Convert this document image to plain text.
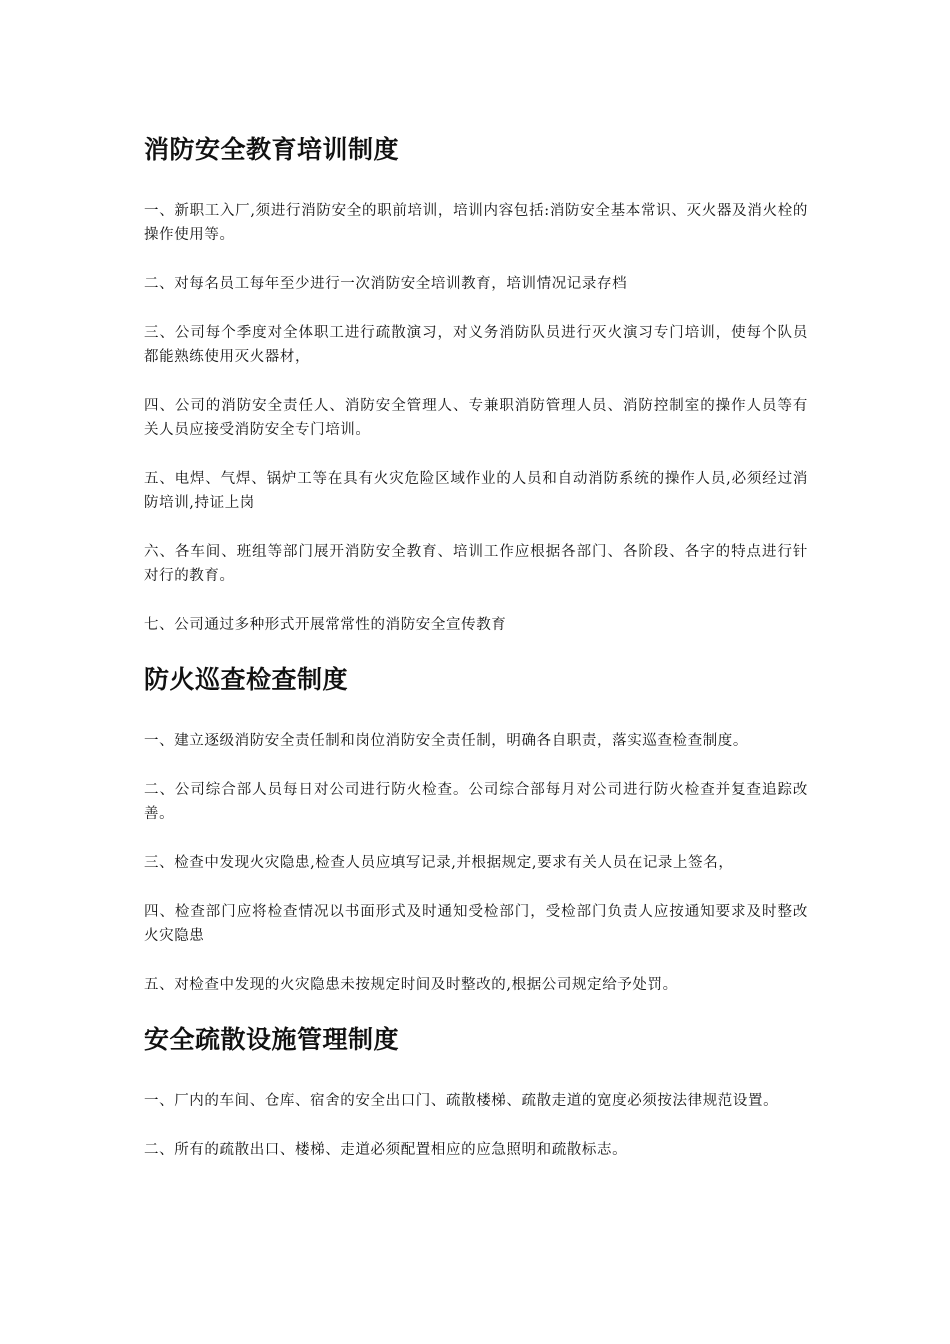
消防安全教育培训制度

一、新职工入厂,须进行消防安全的职前培训，培训内容包括:消防安全基本常识、灭火器及消火栓的操作使用等。

二、对每名员工每年至少进行一次消防安全培训教育，培训情况记录存档

三、公司每个季度对全体职工进行疏散演习，对义务消防队员进行灭火演习专门培训，使每个队员都能熟练使用灭火器材，

四、公司的消防安全责任人、消防安全管理人、专兼职消防管理人员、消防控制室的操作人员等有关人员应接受消防安全专门培训。

五、电焊、气焊、锅炉工等在具有火灾危险区域作业的人员和自动消防系统的操作人员,必须经过消防培训,持证上岗

六、各车间、班组等部门展开消防安全教育、培训工作应根据各部门、各阶段、各字的特点进行针对行的教育。

七、公司通过多种形式开展常常性的消防安全宣传教育

防火巡查检查制度

一、建立逐级消防安全责任制和岗位消防安全责任制，明确各自职责，落实巡查检查制度。

二、公司综合部人员每日对公司进行防火检查。公司综合部每月对公司进行防火检查并复查追踪改善。

三、检查中发现火灾隐患,检查人员应填写记录,并根据规定,要求有关人员在记录上签名，

四、检查部门应将检查情况以书面形式及时通知受检部门，受检部门负责人应按通知要求及时整改火灾隐患

五、对检查中发现的火灾隐患未按规定时间及时整改的,根据公司规定给予处罚。

安全疏散设施管理制度

一、厂内的车间、仓库、宿舍的安全出口门、疏散楼梯、疏散走道的宽度必须按法律规范设置。

二、所有的疏散出口、楼梯、走道必须配置相应的应急照明和疏散标志。
